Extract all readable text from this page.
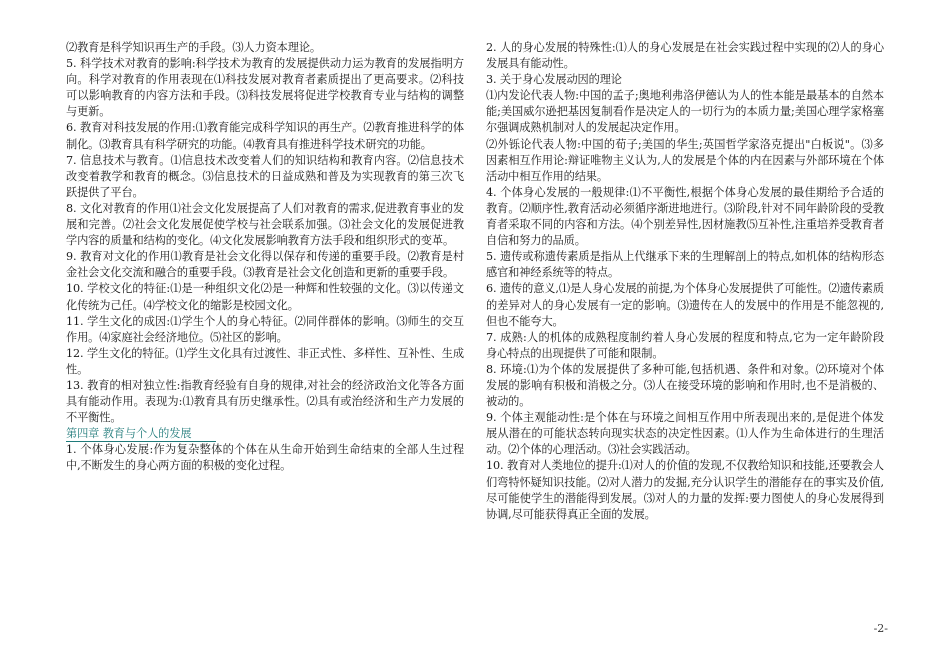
⑵教育是科学知识再生产的手段。⑶人力资本理论。

5. 科学技术对教育的影响:科学技术为教育的发展提供动力运为教育的发展指明方向。科学对教育的作用表现在⑴科技发展对教育者素质提出了更高要求。⑵科技可以影响教育的内容方法和手段。⑶科技发展将促进学校教育专业与结构的调整与更新。

6. 教育对科技发展的作用:⑴教育能完成科学知识的再生产。⑵教育推进科学的体制化。⑶教育具有科学研究的功能。⑷教育具有推进科学技术研究的功能。

7. 信息技术与教育。⑴信息技术改变着人们的知识结构和教育内容。⑵信息技术改变着教学和教育的概念。⑶信息技术的日益成熟和普及为实现教育的第三次飞跃提供了平台。

8. 文化对教育的作用⑴社会文化发展提高了人们对教育的需求,促进教育事业的发展和完善。⑵社会文化发展促使学校与社会联系加强。⑶社会文化的发展促进教学内容的质量和结构的变化。⑷文化发展影响教育方法手段和组织形式的变革。

9. 教育对文化的作用⑴教育是社会文化得以保存和传递的重要手段。⑵教育是村金社会文化交流和融合的重要手段。⑶教育是社会文化创造和更新的重要手段。

10. 学校文化的特征:⑴是一种组织文化⑵是一种辉和性较强的文化。⑶以传递文化传统为己任。⑷学校文化的缩影是校园文化。

11. 学生文化的成因:⑴学生个人的身心特征。⑵同伴群体的影响。⑶师生的交互作用。⑷家庭社会经济地位。⑸社区的影响。

12. 学生文化的特征。⑴学生文化具有过渡性、非正式性、多样性、互补性、生成性。

13. 教育的相对独立性:指教育经验有自身的规律,对社会的经济政治文化等各方面具有能动作用。表现为:⑴教育具有历史继承性。⑵具有或治经济和生产力发展的不平衡性。

第四章 教育与个人的发展

1. 个体身心发展:作为复杂整体的个体在从生命开始到生命结束的全部人生过程中,不断发生的身心两方面的积极的变化过程。

2. 人的身心发展的特殊性:⑴人的身心发展是在社会实践过程中实现的⑵人的身心发展具有能动性。

3. 关于身心发展动因的理论

⑴内发论代表人物:中国的孟子;奥地利弗洛伊德认为人的性本能是最基本的自然本能;美国威尔逊把基因复制看作是决定人的一切行为的本质力量;美国心理学家格塞尔强调成熟机制对人的发展起决定作用。

⑵外铄论代表人物:中国的荀子;美国的华生;英国哲学家洛克提出"白板说"。⑶多因素相互作用论:辩证唯物主义认为,人的发展是个体的内在因素与外部环境在个体活动中相互作用的结果。

4. 个体身心发展的一般规律:⑴不平衡性,根据个体身心发展的最佳期给予合适的教育。⑵顺序性,教育活动必须循序渐进地进行。⑶阶段,针对不同年龄阶段的受教育者采取不同的内容和方法。⑷个别差异性,因材施教⑸互补性,注重培养受教育者自信和努力的品质。

5. 遗传或称遗传素质是指从上代继承下来的生理解剖上的特点,如机体的结构形态感官和神经系统等的特点。

6. 遗传的意义,⑴是人身心发展的前提,为个体身心发展提供了可能性。⑵遗传素质的差异对人的身心发展有一定的影响。⑶遗传在人的发展中的作用是不能忽视的,但也不能夸大。

7. 成熟:人的机体的成熟程度制约着人身心发展的程度和特点,它为一定年龄阶段身心特点的出现提供了可能和限制。

8. 环境:⑴为个体的发展提供了多种可能,包括机遇、条件和对象。⑵环境对个体发展的影响有积极和消极之分。⑶人在接受环境的影响和作用时,也不是消极的、被动的。

9. 个体主观能动性:是个体在与环境之间相互作用中所表现出来的,是促进个体发展从潜在的可能状态转向现实状态的决定性因素。⑴人作为生命体进行的生理活动。⑵个体的心理活动。⑶社会实践活动。

10. 教育对人类地位的提升:⑴对人的价值的发现,不仅教给知识和技能,还要教会人们弯特怀疑知识技能。⑵对人潜力的发掘,充分认识学生的潜能存在的事实及价值,尽可能使学生的潜能得到发展。⑶对人的力量的发挥:要力图使人的身心发展得到协调,尽可能获得真正全面的发展。

-2-
